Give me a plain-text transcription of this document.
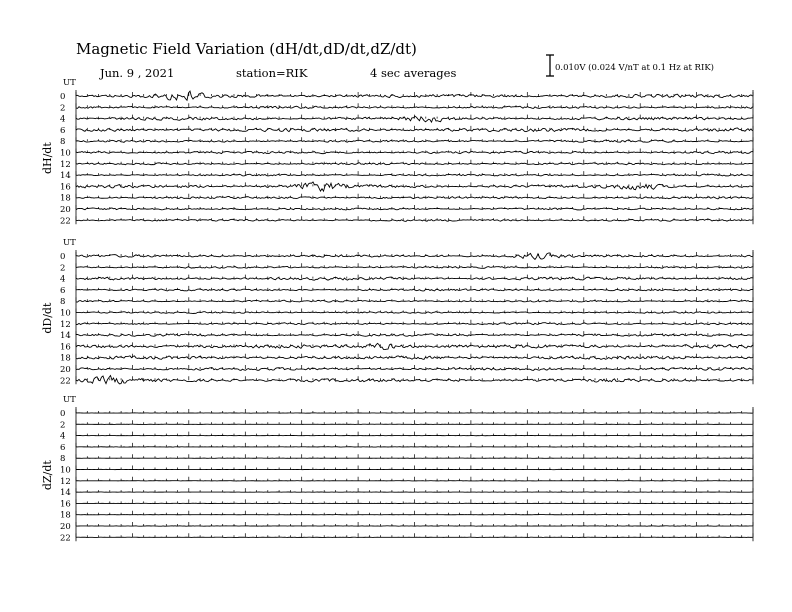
Magnetic Field Variation (dH/dt,dD/dt,dZ/dt)
Jun. 9 , 2021	station=RIK	4 sec averages	0.010V (0.024 V/nT at 0.1 Hz at RIK)
UT
dH/dt
0
2
4
6
8
10
12
14
16
18
20
22
UT
dD/dt
0
2
4
6
8
10
12
14
16
18
20
22
UT
dZ/dt
0
2
4
6
8
10
12
14
16
18
20
22
